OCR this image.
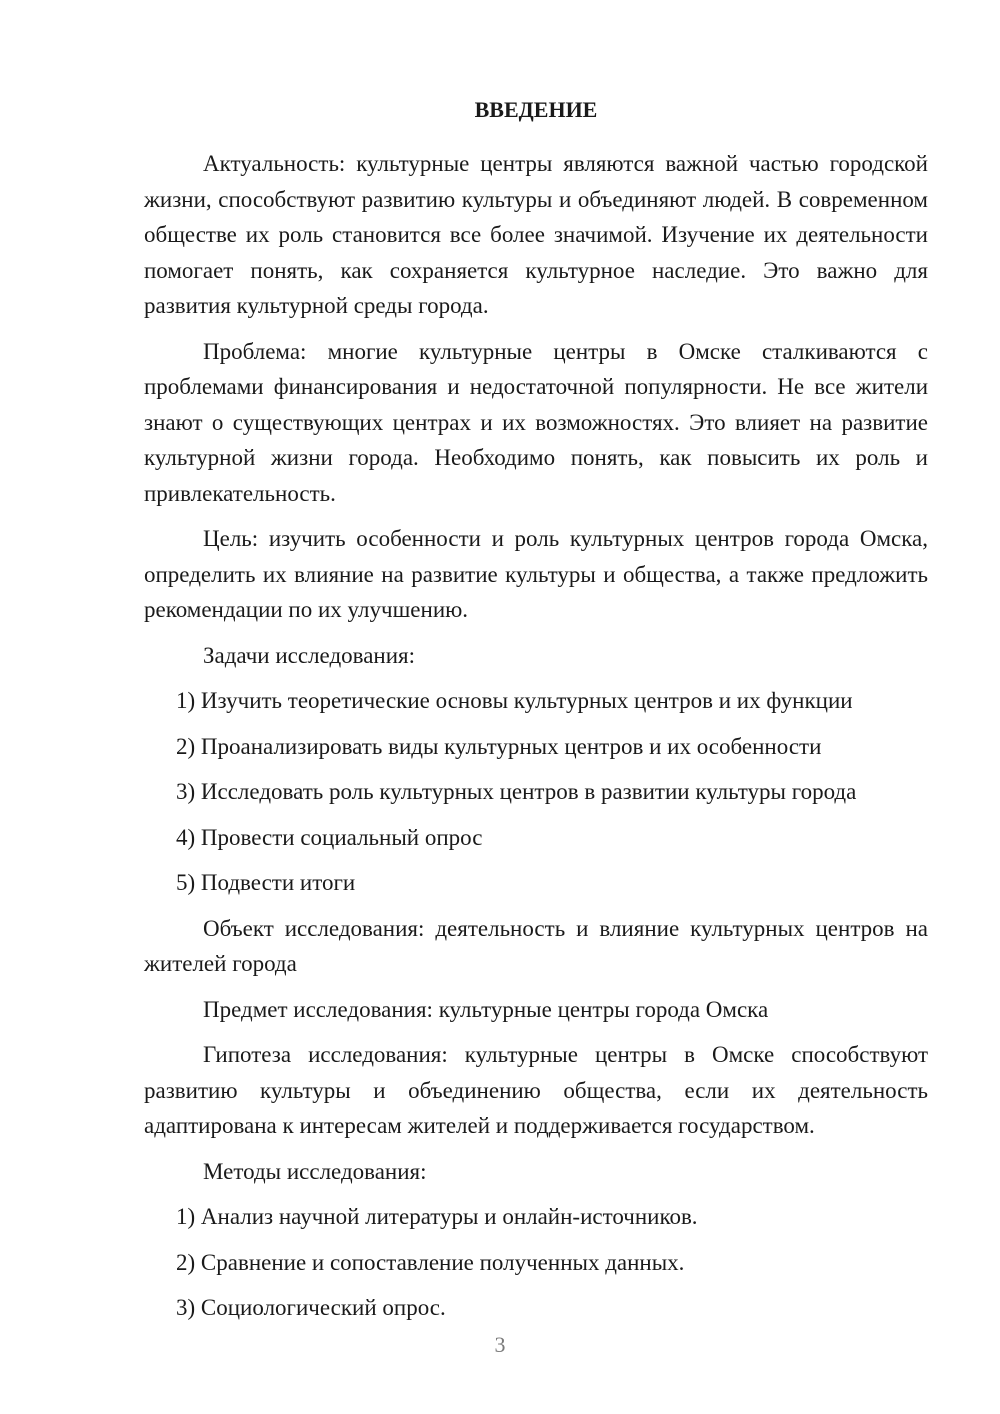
ВВЕДЕНИЕ

Актуальность: культурные центры являются важной частью городской жизни, способствуют развитию культуры и объединяют людей. В современном обществе их роль становится все более значимой. Изучение их деятельности помогает понять, как сохраняется культурное наследие. Это важно для развития культурной среды города.

Проблема: многие культурные центры в Омске сталкиваются с проблемами финансирования и недостаточной популярности. Не все жители знают о существующих центрах и их возможностях. Это влияет на развитие культурной жизни города. Необходимо понять, как повысить их роль и привлекательность.

Цель: изучить особенности и роль культурных центров города Омска, определить их влияние на развитие культуры и общества, а также предложить рекомендации по их улучшению.

Задачи исследования:

1) Изучить теоретические основы культурных центров и их функции

2) Проанализировать виды культурных центров и их особенности

3) Исследовать роль культурных центров в развитии культуры города

4) Провести социальный опрос

5) Подвести итоги

Объект исследования: деятельность и влияние культурных центров на жителей города

Предмет исследования: культурные центры города Омска

Гипотеза исследования: культурные центры в Омске способствуют развитию культуры и объединению общества, если их деятельность адаптирована к интересам жителей и поддерживается государством.

Методы исследования:

1) Анализ научной литературы и онлайн-источников.

2) Сравнение и сопоставление полученных данных.

3) Социологический опрос.

3
